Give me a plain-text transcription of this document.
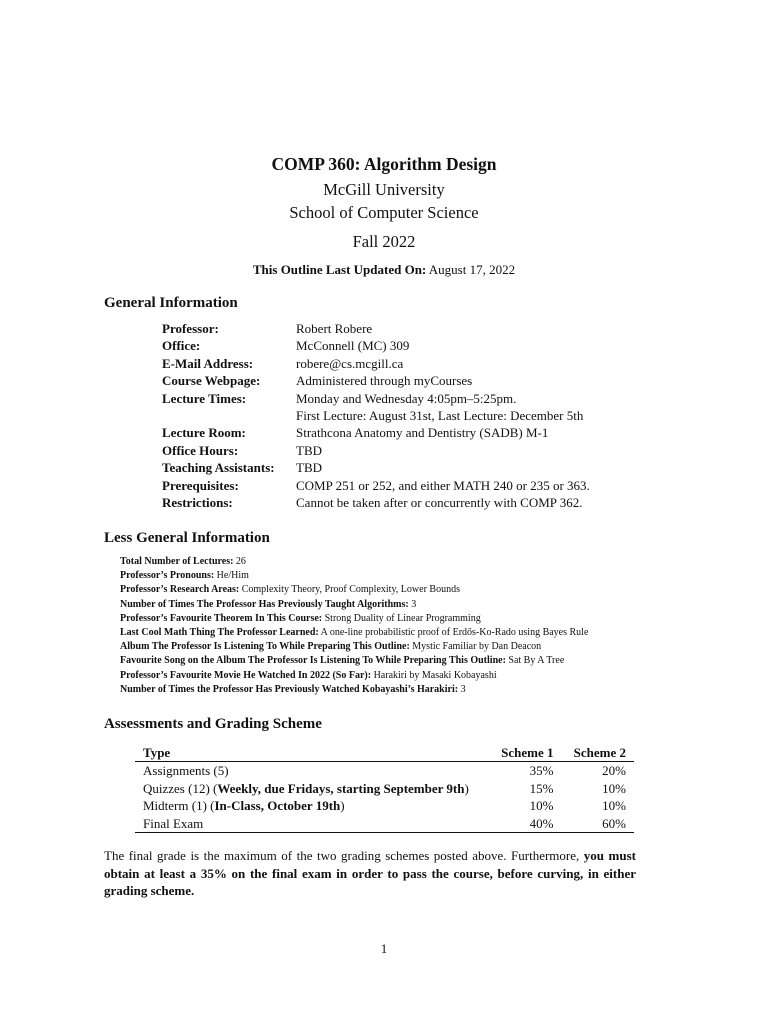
COMP 360: Algorithm Design
McGill University
School of Computer Science
Fall 2022
This Outline Last Updated On: August 17, 2022
General Information
Professor:	Robert Robere
Office:	McConnell (MC) 309
E-Mail Address:	robere@cs.mcgill.ca
Course Webpage:	Administered through myCourses
Lecture Times:	Monday and Wednesday 4:05pm–5:25pm.
First Lecture: August 31st, Last Lecture: December 5th
Lecture Room:	Strathcona Anatomy and Dentistry (SADB) M-1
Office Hours:	TBD
Teaching Assistants:	TBD
Prerequisites:	COMP 251 or 252, and either MATH 240 or 235 or 363.
Restrictions:	Cannot be taken after or concurrently with COMP 362.
Less General Information
Total Number of Lectures: 26
Professor’s Pronouns: He/Him
Professor’s Research Areas: Complexity Theory, Proof Complexity, Lower Bounds
Number of Times The Professor Has Previously Taught Algorithms: 3
Professor’s Favourite Theorem In This Course: Strong Duality of Linear Programming
Last Cool Math Thing The Professor Learned: A one-line probabilistic proof of Erdős-Ko-Rado using Bayes Rule
Album The Professor Is Listening To While Preparing This Outline: Mystic Familiar by Dan Deacon
Favourite Song on the Album The Professor Is Listening To While Preparing This Outline: Sat By A Tree
Professor’s Favourite Movie He Watched In 2022 (So Far): Harakiri by Masaki Kobayashi
Number of Times the Professor Has Previously Watched Kobayashi’s Harakiri: 3
Assessments and Grading Scheme
Type	Scheme 1	Scheme 2
Assignments (5)	35%	20%
Quizzes (12) (Weekly, due Fridays, starting September 9th)	15%	10%
Midterm (1) (In-Class, October 19th)	10%	10%
Final Exam	40%	60%
The final grade is the maximum of the two grading schemes posted above. Furthermore, you must obtain at least a 35% on the final exam in order to pass the course, before curving, in either grading scheme.
1
